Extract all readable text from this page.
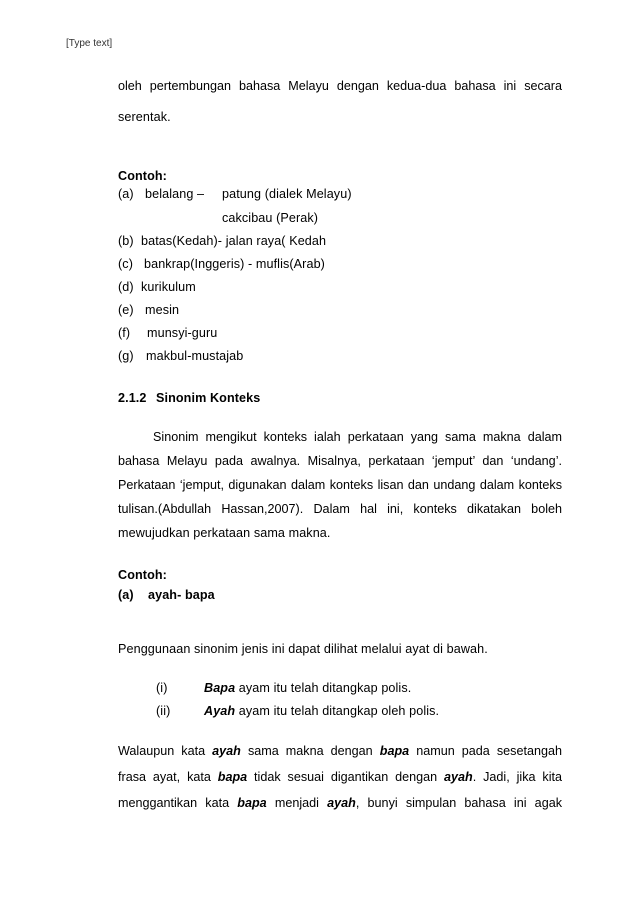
[Type text]
oleh pertembungan bahasa Melayu dengan kedua-dua bahasa ini secara
serentak.
Contoh:
(a) belalang – patung (dialek Melayu)
cakcibau (Perak)
(b) batas(Kedah)- jalan raya( Kedah
(c) bankrap(Inggeris) - muflis(Arab)
(d) kurikulum
(e) mesin
(f) munsyi-guru
(g) makbul-mustajab
2.1.2 Sinonim Konteks
Sinonim mengikut konteks ialah perkataan yang sama makna dalam
bahasa Melayu pada awalnya. Misalnya, perkataan ‘jemput’ dan ‘undang’.
Perkataan ‘jemput, digunakan dalam konteks lisan dan undang dalam konteks
tulisan.(Abdullah Hassan,2007). Dalam hal ini, konteks dikatakan boleh
mewujudkan perkataan sama makna.
Contoh:
(a) ayah- bapa
Penggunaan sinonim jenis ini dapat dilihat melalui ayat di bawah.
(i)	Bapa ayam itu telah ditangkap polis.
(ii)	Ayah ayam itu telah ditangkap oleh polis.
Walaupun kata ayah sama makna dengan bapa namun pada sesetangah
frasa ayat, kata bapa tidak sesuai digantikan dengan ayah. Jadi, jika kita
menggantikan kata bapa menjadi ayah, bunyi simpulan bahasa ini agak
